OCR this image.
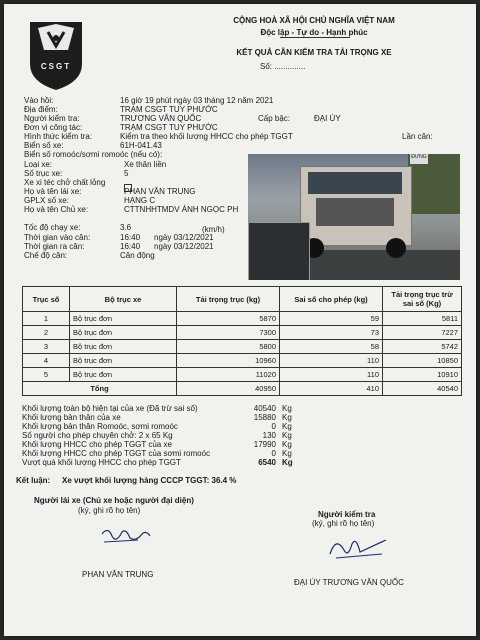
CSGT
CỘNG HOÀ XÃ HỘI CHỦ NGHĨA VIỆT NAM
Độc lập - Tự do - Hạnh phúc
KẾT QUẢ CÂN KIỂM TRA TẢI TRỌNG XE
Số: ..............
Vào hồi:	16 giờ 19 phút ngày 03 tháng 12 năm 2021
Địa điểm:	TRẠM CSGT TUY PHƯỚC
Người kiểm tra:	TRƯƠNG VĂN QUỐC	Cấp bậc:	ĐẠI ÚY
Đơn vị công tác:	TRẠM CSGT TUY PHƯỚC
Hình thức kiểm tra:	Kiểm tra theo khối lượng HHCC cho phép TGGT	Lần cân:
Biển số xe:	61H-041.43
Biển số romoóc/sơmi romoóc (nếu có):
Loại xe:	Xe thân liền
Số trục xe:	5
Xe xi téc chở chất lỏng
Họ và tên lái xe:	PHAN VĂN TRUNG
GPLX số xe:	HẠNG C
Họ và tên Chủ xe:	CTTNHHTMDV ÁNH NGỌC PH
Tốc độ chạy xe:	3.6	(km/h)
Thời gian vào cân:	16:40 ngày 03/12/2021
Thời gian ra cân:	16:40 ngày 03/12/2021
Chế độ cân:	Cân động
ĐỨNG
Trục số	Bộ trục xe	Tải trọng trục (kg)	Sai số cho phép (kg)	Tải trọng trục trừ sai số (Kg)
1	Bộ trục đơn	5870	59	5811
2	Bộ trục đơn	7300	73	7227
3	Bộ trục đơn	5800	58	5742
4	Bộ trục đơn	10960	110	10850
5	Bộ trục đơn	11020	110	10910
Tổng		40950	410	40540
Khối lượng toàn bộ hiện tại của xe (Đã trừ sai số)	40540 Kg
Khối lượng bản thân của xe	15880 Kg
Khối lượng bản thân Romoóc, sơmi romoóc	0 Kg
Số người cho phép chuyên chở: 2 x 65 Kg	130 Kg
Khối lượng HHCC cho phép TGGT của xe	17990 Kg
Khối lượng HHCC cho phép TGGT của sơmi romoóc	0 Kg
Vượt quá khối lượng HHCC cho phép TGGT	6540 Kg
Kết luận: Xe vượt khối lượng hàng CCCP TGGT: 36.4 %
Người lái xe (Chủ xe hoặc người đại diện)
(ký, ghi rõ họ tên)
PHAN VĂN TRUNG
Người kiểm tra
(ký, ghi rõ họ tên)
ĐẠI ÚY TRƯƠNG VĂN QUỐC
